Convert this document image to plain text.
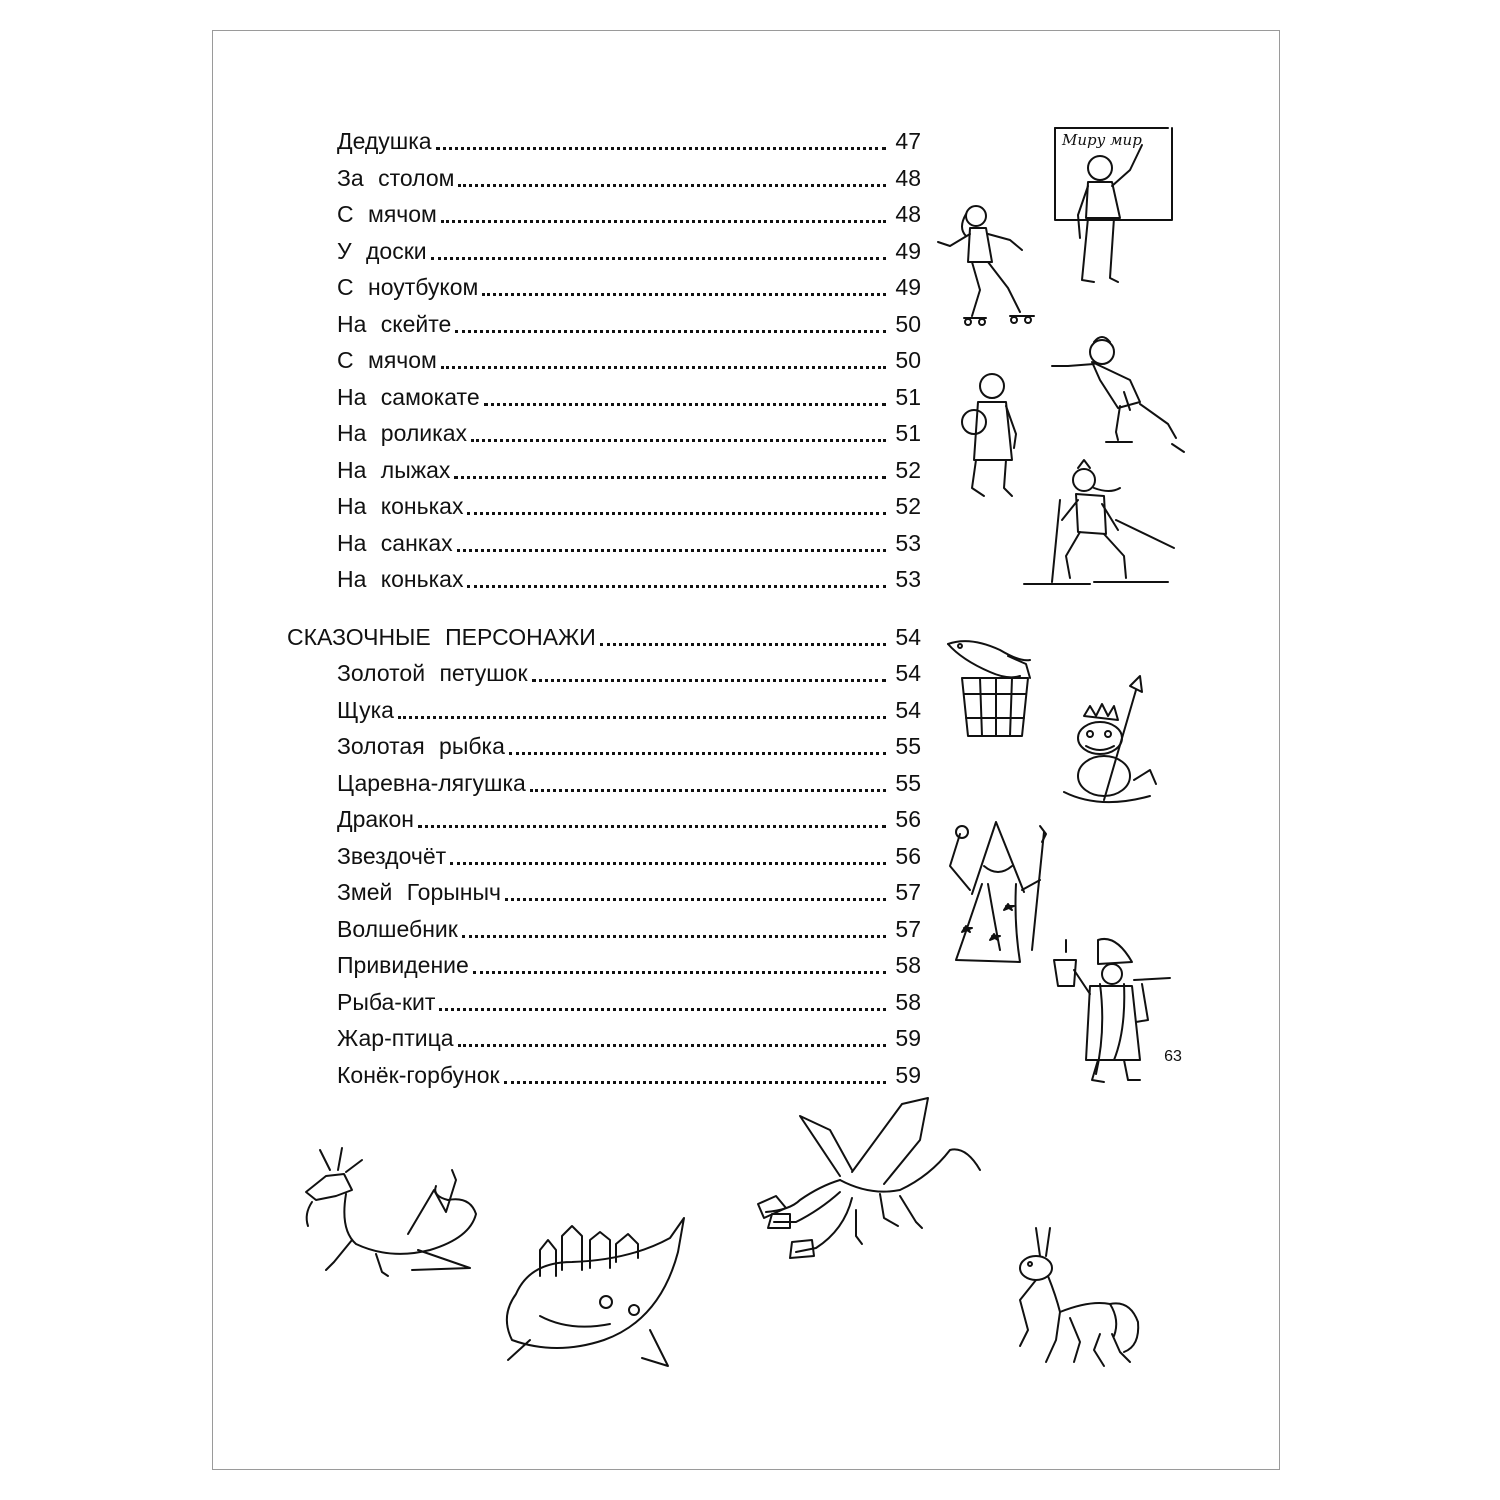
Дедушка	47
За столом	48
С мячом	48
У доски	49
С ноутбуком	49
На скейте	50
С мячом	50
На самокате	51
На роликах	51
На лыжах	52
На коньках	52
На санках	53
На коньках	53
СКАЗОЧНЫЕ ПЕРСОНАЖИ	54
Золотой петушок	54
Щука	54
Золотая рыбка	55
Царевна-лягушка	55
Дракон	56
Звездочёт	56
Змей Горыныч	57
Волшебник	57
Привидение	58
Рыба-кит	58
Жар-птица	59
Конёк-горбунок	59
Миру мир
63
